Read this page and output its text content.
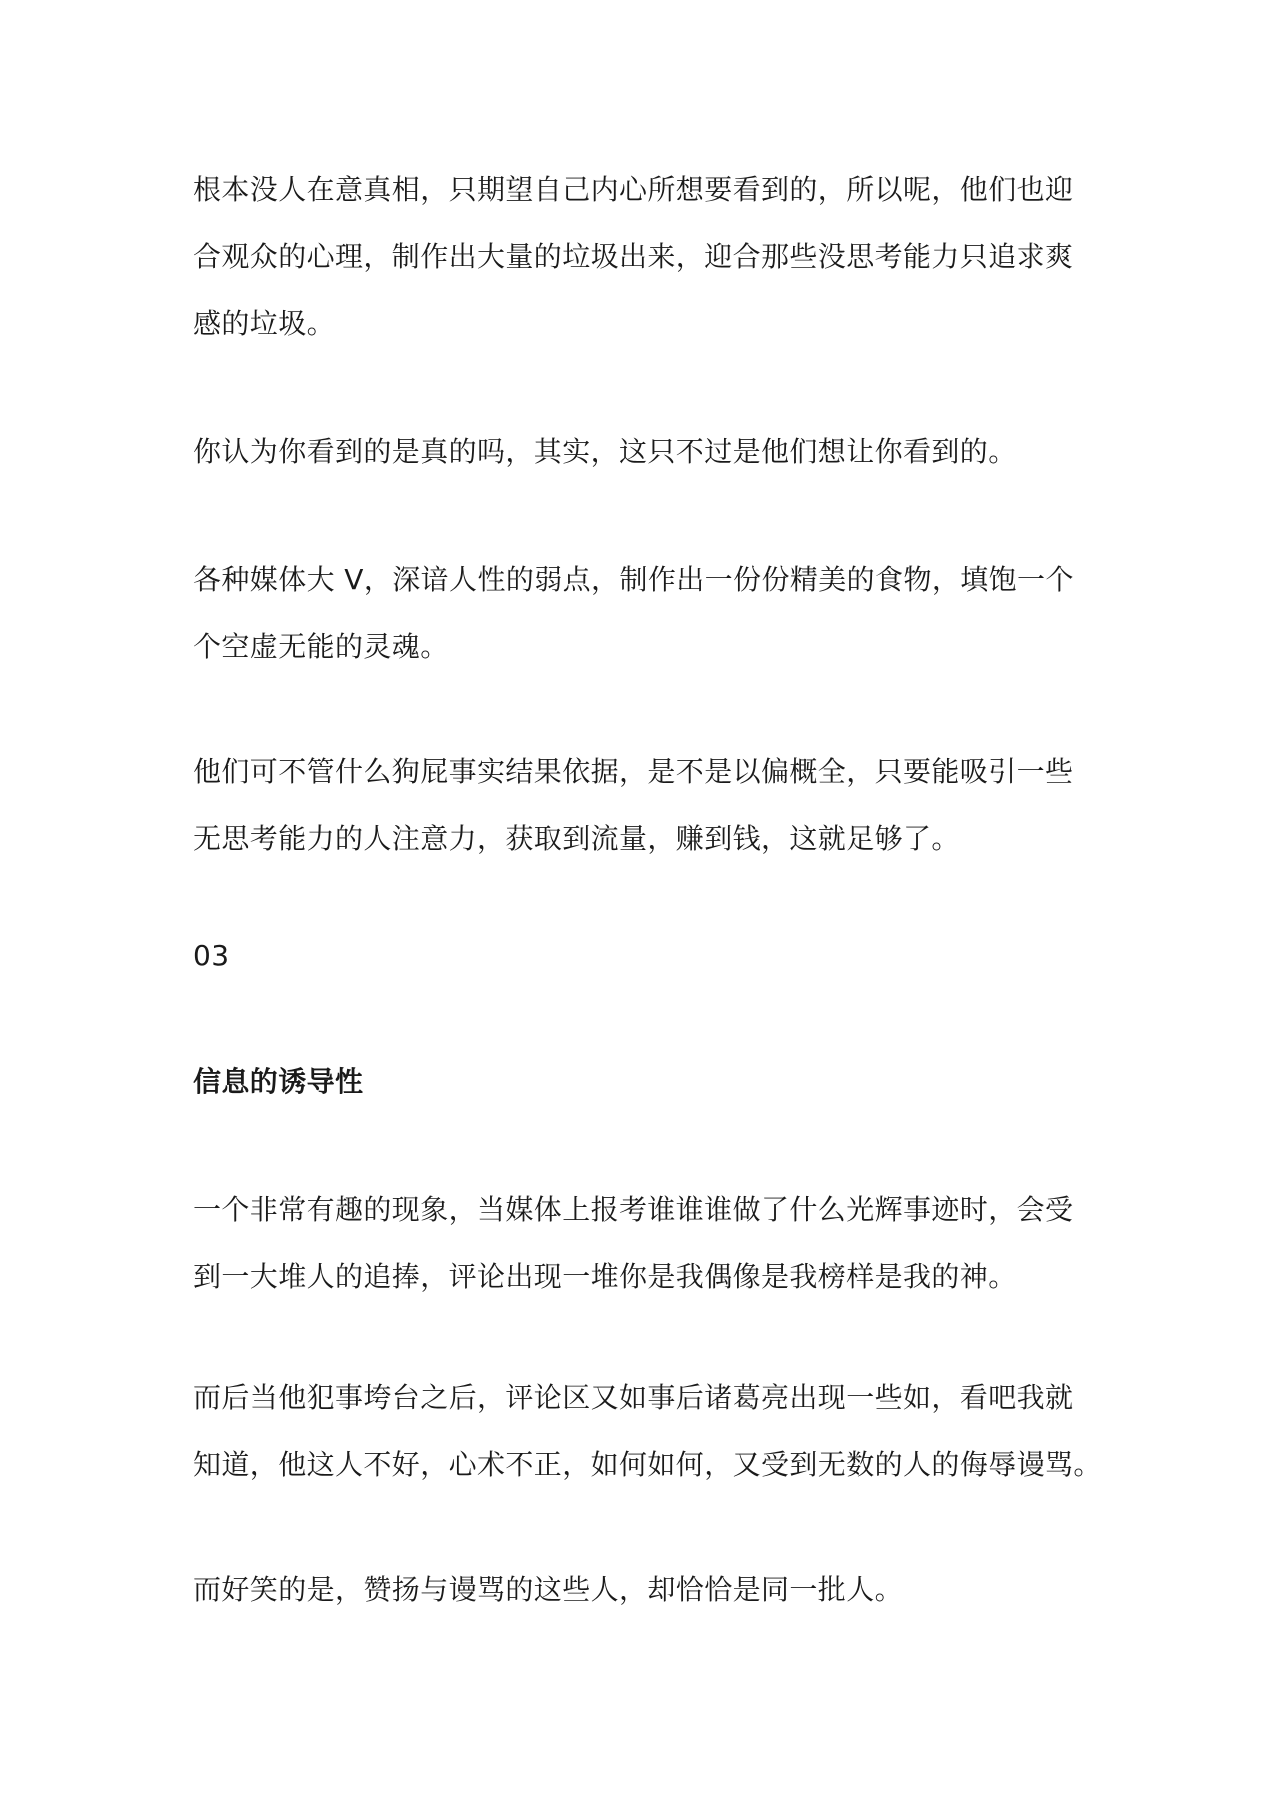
根本没人在意真相，只期望自己内心所想要看到的，所以呢，他们也迎
合观众的心理，制作出大量的垃圾出来，迎合那些没思考能力只追求爽
感的垃圾。

你认为你看到的是真的吗，其实，这只不过是他们想让你看到的。

各种媒体大 V，深谙人性的弱点，制作出一份份精美的食物，填饱一个
个空虚无能的灵魂。

他们可不管什么狗屁事实结果依据，是不是以偏概全，只要能吸引一些
无思考能力的人注意力，获取到流量，赚到钱，这就足够了。

03

信息的诱导性

一个非常有趣的现象，当媒体上报考谁谁谁做了什么光辉事迹时，会受
到一大堆人的追捧，评论出现一堆你是我偶像是我榜样是我的神。

而后当他犯事垮台之后，评论区又如事后诸葛亮出现一些如，看吧我就
知道，他这人不好，心术不正，如何如何，又受到无数的人的侮辱谩骂。

而好笑的是，赞扬与谩骂的这些人，却恰恰是同一批人。
